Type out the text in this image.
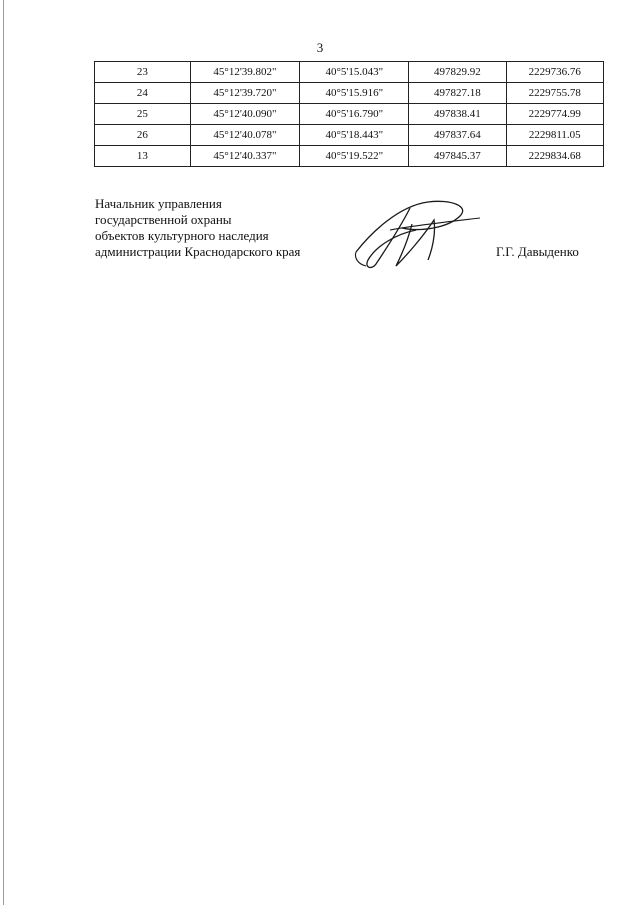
3
23	45°12'39.802"	40°5'15.043"	497829.92	2229736.76
24	45°12'39.720"	40°5'15.916"	497827.18	2229755.78
25	45°12'40.090"	40°5'16.790"	497838.41	2229774.99
26	45°12'40.078"	40°5'18.443"	497837.64	2229811.05
13	45°12'40.337"	40°5'19.522"	497845.37	2229834.68
Начальник управления
государственной охраны
объектов культурного наследия
администрации Краснодарского края	Г.Г. Давыденко
